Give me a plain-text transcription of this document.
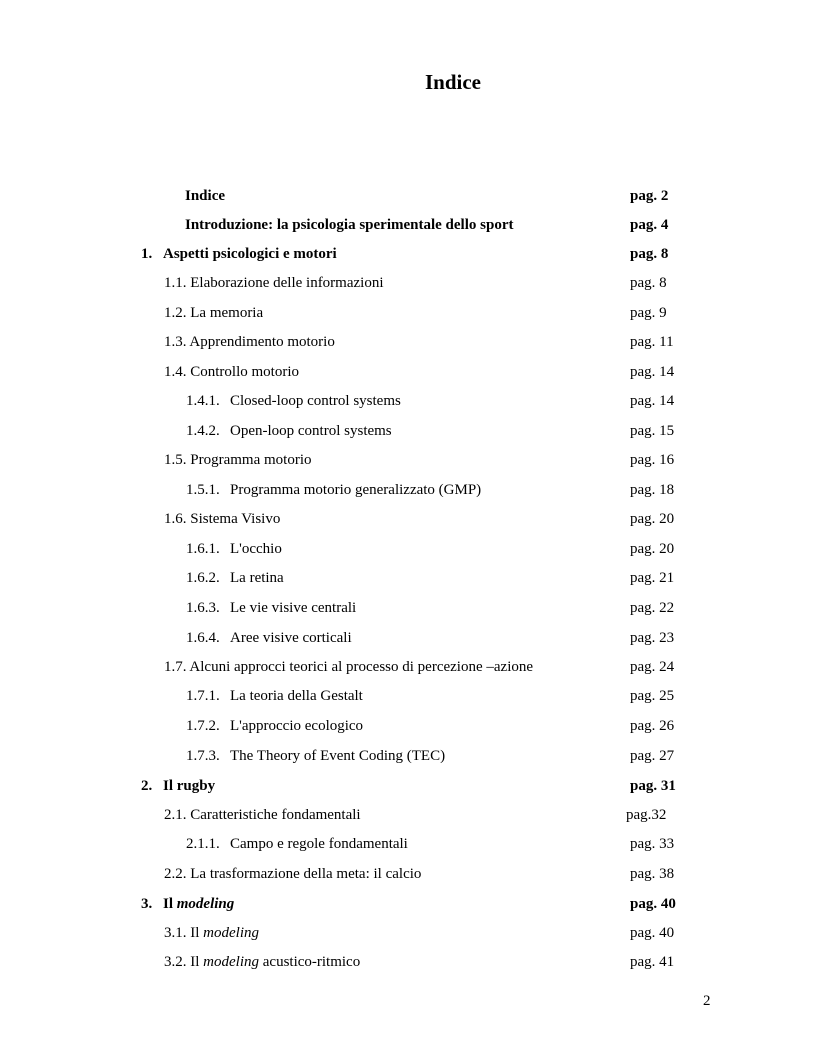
Indice
Indice	pag. 2
Introduzione: la psicologia sperimentale dello sport	pag. 4
1. Aspetti psicologici e motori	pag. 8
1.1. Elaborazione delle informazioni	pag. 8
1.2. La memoria	pag. 9
1.3. Apprendimento motorio	pag. 11
1.4. Controllo motorio	pag. 14
1.4.1. Closed-loop control systems	pag. 14
1.4.2. Open-loop control systems	pag. 15
1.5. Programma motorio	pag. 16
1.5.1. Programma motorio generalizzato (GMP)	pag. 18
1.6. Sistema Visivo	pag. 20
1.6.1. L'occhio	pag. 20
1.6.2. La retina	pag. 21
1.6.3. Le vie visive centrali	pag. 22
1.6.4. Aree visive corticali	pag. 23
1.7. Alcuni approcci teorici al processo di percezione –azione	pag. 24
1.7.1. La teoria della Gestalt	pag. 25
1.7.2. L'approccio ecologico	pag. 26
1.7.3. The Theory of Event Coding (TEC)	pag. 27
2. Il rugby	pag. 31
2.1. Caratteristiche fondamentali	pag.32
2.1.1. Campo e regole fondamentali	pag. 33
2.2. La trasformazione della meta: il calcio	pag. 38
3. Il modeling	pag. 40
3.1. Il modeling	pag. 40
3.2. Il modeling acustico-ritmico	pag. 41
2
